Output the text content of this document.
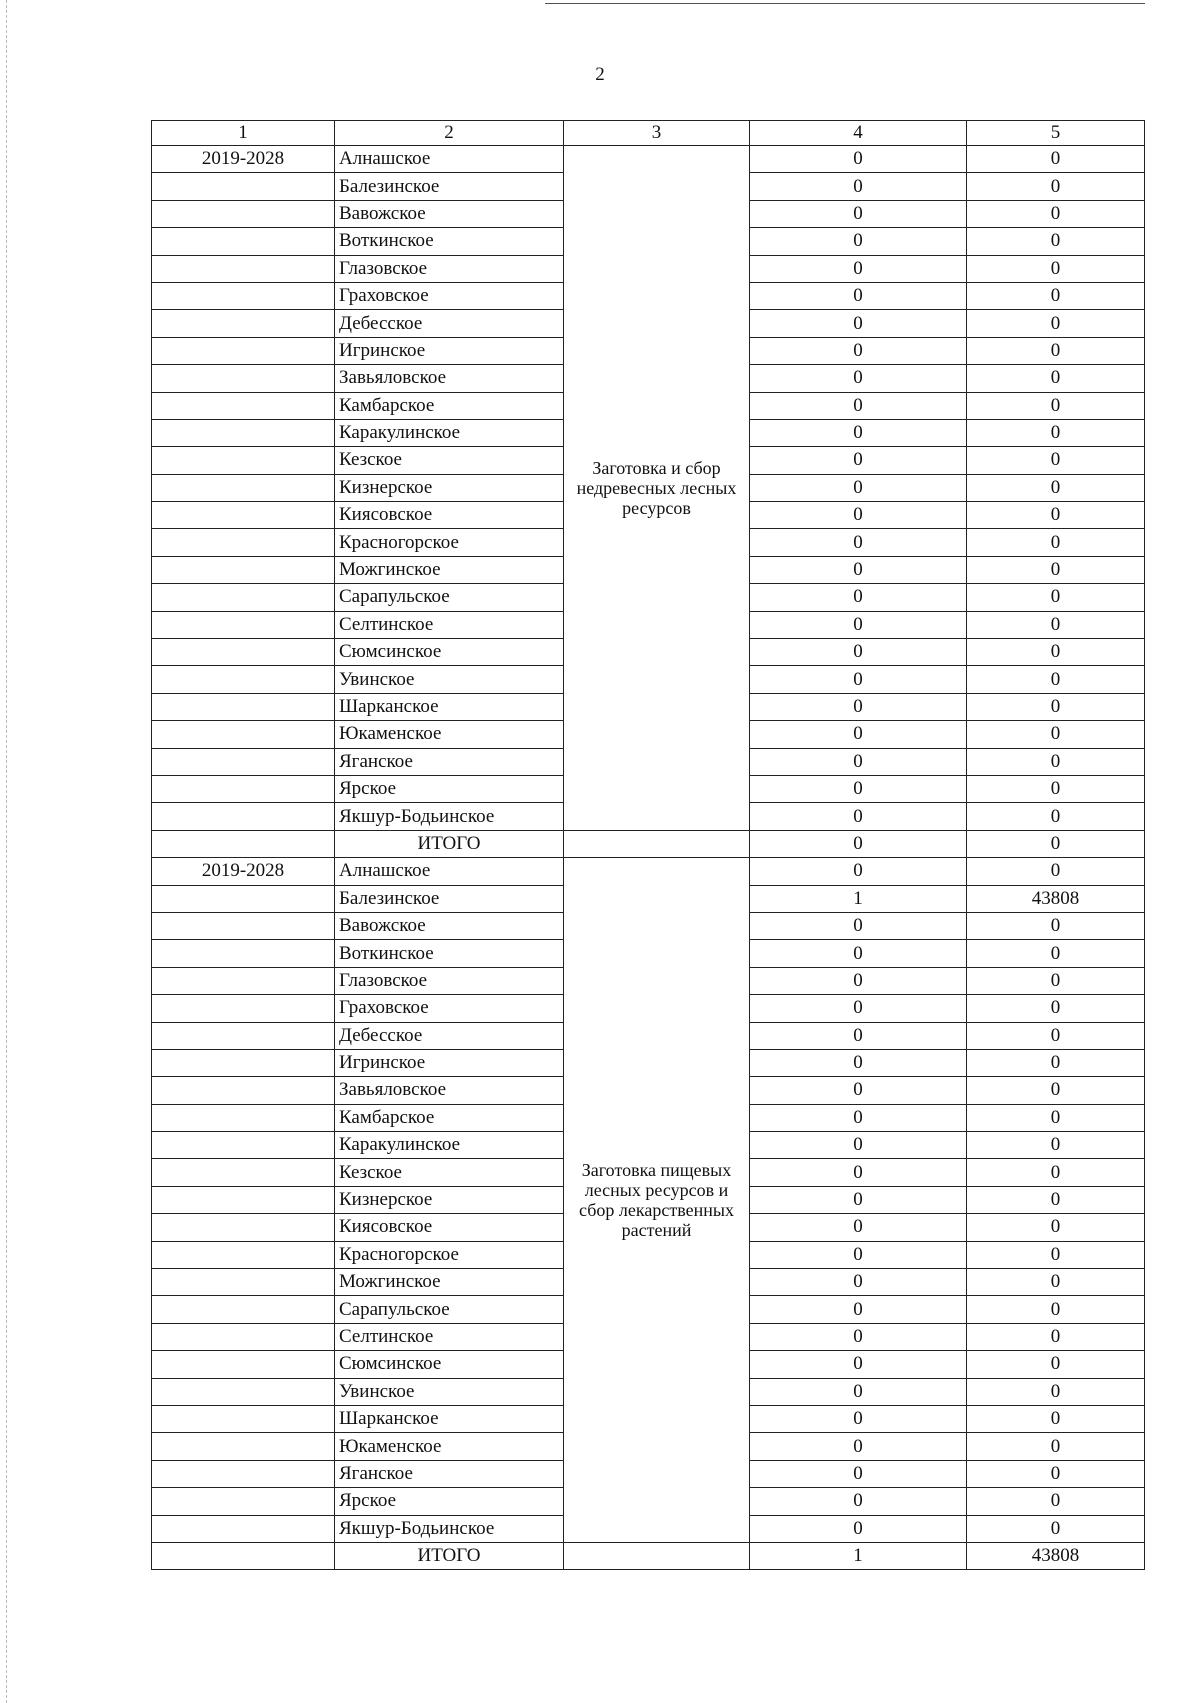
2
1	2	3	4	5
2019-2028	Алнашское	Заготовка и сбор недревесных лесных ресурсов	0	0
	Балезинское		0	0
	Вавожское		0	0
	Воткинское		0	0
	Глазовское		0	0
	Граховское		0	0
	Дебесское		0	0
	Игринское		0	0
	Завьяловское		0	0
	Камбарское		0	0
	Каракулинское		0	0
	Кезское		0	0
	Кизнерское		0	0
	Киясовское		0	0
	Красногорское		0	0
	Можгинское		0	0
	Сарапульское		0	0
	Селтинское		0	0
	Сюмсинское		0	0
	Увинское		0	0
	Шарканское		0	0
	Юкаменское		0	0
	Яганское		0	0
	Ярское		0	0
	Якшур-Бодьинское		0	0
	ИТОГО		0	0
2019-2028	Алнашское	Заготовка пищевых лесных ресурсов и сбор лекарственных растений	0	0
	Балезинское		1	43808
	Вавожское		0	0
	Воткинское		0	0
	Глазовское		0	0
	Граховское		0	0
	Дебесское		0	0
	Игринское		0	0
	Завьяловское		0	0
	Камбарское		0	0
	Каракулинское		0	0
	Кезское		0	0
	Кизнерское		0	0
	Киясовское		0	0
	Красногорское		0	0
	Можгинское		0	0
	Сарапульское		0	0
	Селтинское		0	0
	Сюмсинское		0	0
	Увинское		0	0
	Шарканское		0	0
	Юкаменское		0	0
	Яганское		0	0
	Ярское		0	0
	Якшур-Бодьинское		0	0
	ИТОГО		1	43808
